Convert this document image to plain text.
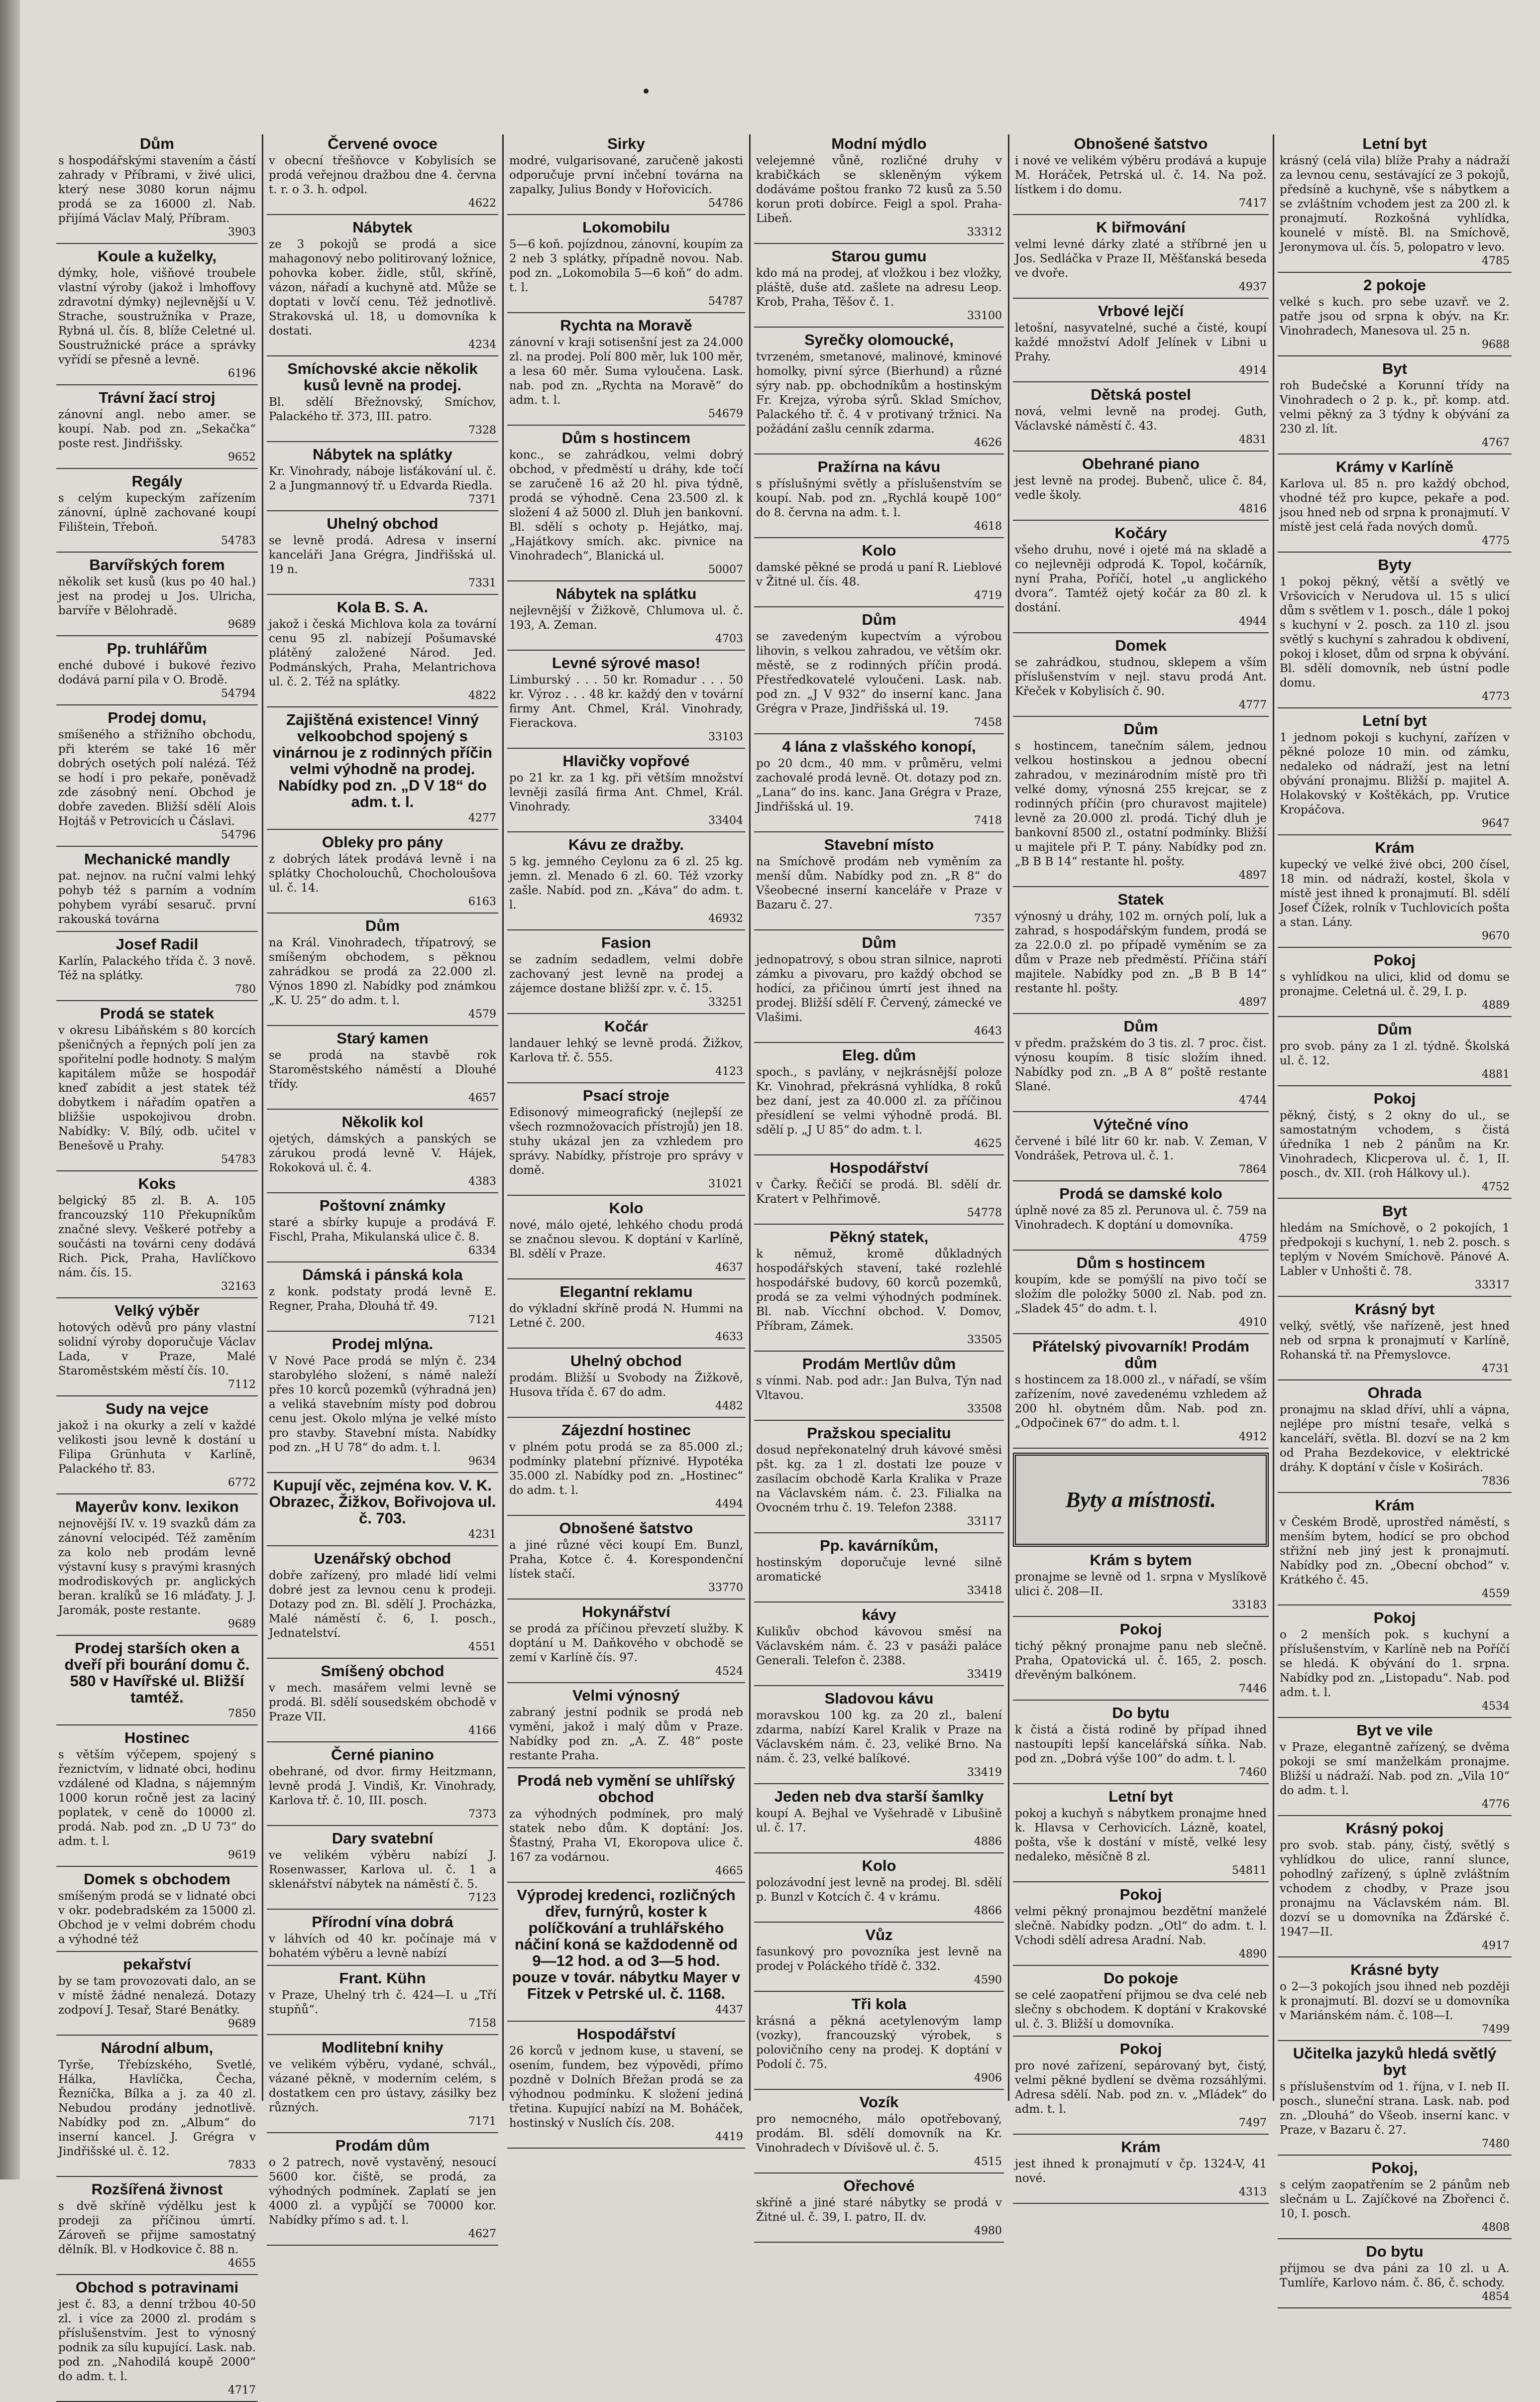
Dům

s hospodářskými stavením a částí zahrady v Příbrami, v živé ulici, který nese 3080 korun nájmu prodá se za 16000 zl. Nab. přijímá Václav Malý, Příbram.

3903
Koule a kuželky,

dýmky, hole, višňové troubele vlastní výroby (jakož i lmhoffovy zdravotní dýmky) nejlevnější u V. Strache, soustružníka v Praze, Rybná ul. čís. 8, blíže Celetné ul. Soustružnické práce a správky vyřídí se přesně a levně.

6196
Trávní žací stroj

zánovní angl. nebo amer. se koupí. Nab. pod zn. „Sekačka“ poste rest. Jindřišsky.

9652
Regály

s celým kupeckým zařízením zánovní, úplně zachované koupí Filištein, Třeboň.

54783
Barvířských forem

několik set kusů (kus po 40 hal.) jest na prodej u Jos. Ulricha, barvíře v Bělohradě.

9689
Pp. truhlářům

enché dubové i bukové řezivo dodává parní pila v O. Brodě.

54794
Prodej domu,

smíšeného a střižního obchodu, při kterém se také 16 měr dobrých osetých polí nalézá. Též se hodí i pro pekaře, poněvadž zde zásobný není. Obchod je dobře zaveden. Bližší sdělí Alois Hojtáš v Petrovicích u Čáslavi.

54796
Mechanické mandly

pat. nejnov. na ruční valmi lehký pohyb též s parním a vodním pohybem vyrábí sesaruč. první rakouská továrna

Josef Radil

Karlín, Palackého třída č. 3 nově. Též na splátky.

780
Prodá se statek

v okresu Libáňském s 80 korcích pšeničných a řepných polí jen za spořitelní podle hodnoty. S malým kapitálem může se hospodář kneď zabídit a jest statek též dobytkem i nářadím opatřen a bližšie uspokojivou drobn. Nabídky: V. Bílý, odb. učitel v Benešově u Prahy.

54783
Koks

belgický 85 zl. B. A. 105 francouzský 110 Překupníkům značné slevy. Veškeré potřeby a součásti na továrni ceny dodává Rich. Pick, Praha, Havlíčkovo nám. čís. 15.

32163
Velký výběr

hotových oděvů pro pány vlastní solidní výroby doporučuje Václav Lada, v Praze, Malé Staroměstském městí čís. 10.

7112
Sudy na vejce

jakož i na okurky a zelí v každé velikosti jsou levně k dostání u Filipa Grünhuta v Karlíně, Palackého tř. 83.

6772
Mayerův konv. lexikon

nejnovější IV. v. 19 svazků dám za zánovní velocipéd. Též zaměním za kolo neb prodám levně výstavní kusy s pravými krasných modrodiskových pr. anglických beran. kralíků se 16 mláďaty. J. J. Jaromák, poste restante.

9689
Prodej starších oken a dveří při bourání domu č. 580 v Havířské ul. Bližší tamtéž.
7850
Hostinec

s větším výčepem, spojený s řeznictvím, v lidnaté obci, hodinu vzdálené od Kladna, s nájemným 1000 korun ročně jest za laciný poplatek, v ceně do 10000 zl. prodá. Nab. pod zn. „D U 73“ do adm. t. l.

9619
Domek s obchodem

smíšeným prodá se v lidnaté obci v okr. podebradském za 15000 zl. Obchod je v velmi dobrém chodu a výhodné též

pekařství

by se tam provozovati dalo, an se v místě žádné nenalezá. Dotazy zodpoví J. Tesař, Staré Benátky.

9689
Národní album,

Tyrše, Třebízského, Svetlé, Hálka, Havlíčka, Čecha, Řezníčka, Bílka a j. za 40 zl. Nebudou prodány jednotlivě. Nabídky pod zn. „Album“ do inserní kancel. J. Grégra v Jindřišské ul. č. 12.

7833
Rozšířená živnost

s dvě skříně výdělku jest k prodeji za příčinou úmrtí. Zároveň se přijme samostatný dělník. Bl. v Hodkovice č. 88 n.

4655
Obchod s potravinami

jest č. 83, a denní tržbou 40-50 zl. i více za 2000 zl. prodám s příslušenstvím. Jest to výnosný podnik za sílu kupující. Lask. nab. pod zn. „Nahodilá koupě 2000“ do adm. t. l.

4717
Červené ovoce

v obecní třešňovce v Kobylisích se prodá veřejnou dražbou dne 4. června t. r. o 3. h. odpol.

4622
Nábytek

ze 3 pokojů se prodá a sice mahagonový nebo politirovaný ložnice, pohovka kober. židle, stůl, skříně, vázon, nářadí a kuchyně atd. Může se doptati v lovčí cenu. Též jednotlivě. Strakovská ul. 18, u domovníka k dostati.

4234
Smíchovské akcie několik kusů levně na prodej.

Bl. sdělí Břežnovský, Smíchov, Palackého tř. 373, III. patro.

7328
Nábytek na splátky

Kr. Vinohrady, náboje lisťákování ul. č. 2 a Jungmannový tř. u Edvarda Riedla.

7371
Uhelný obchod

se levně prodá. Adresa v inserní kanceláři Jana Grégra, Jindřišská ul. 19 n.

7331
Kola B. S. A.

jakož i česká Michlova kola za tovární cenu 95 zl. nabízejí Pošumavské plátěný založené Národ. Jed. Podmánských, Praha, Melantrichova ul. č. 2. Též na splátky.

4822
Zajištěná existence! Vinný velkoobchod spojený s vinárnou je z rodinných příčin velmi výhodně na prodej. Nabídky pod zn. „D V 18“ do adm. t. l.
4277
Obleky pro pány

z dobrých látek prodává levně i na splátky Chocholouchů, Chocholoušova ul. č. 14.

6163
Dům

na Král. Vinohradech, třípatrový, se smíšeným obchodem, s pěknou zahrádkou se prodá za 22.000 zl. Výnos 1890 zl. Nabídky pod známkou „K. U. 25“ do adm. t. l.

4579
Starý kamen

se prodá na stavbě rok Staroměstského náměstí a Dlouhé třídy.

4657
Několik kol

ojetých, dámských a panských se zárukou prodá levně V. Hájek, Rokoková ul. č. 4.

4383
Poštovní známky

staré a sbírky kupuje a prodává F. Fischl, Praha, Mikulanská ulice č. 8.

6334
Dámská i pánská kola

z konk. podstaty prodá levně E. Regner, Praha, Dlouhá tř. 49.

7121
Prodej mlýna.

V Nové Pace prodá se mlýn č. 234 starobylého složení, s námě naleží přes 10 korců pozemků (výhradná jen) a veliká stavebním místy pod dobrou cenu jest. Okolo mlýna je velké místo pro stavby. Stavební místa. Nabídky pod zn. „H U 78“ do adm. t. l.

9634
Kupují věc, zejména kov. V. K. Obrazec, Žižkov, Bořivojova ul. č. 703.
4231
Uzenářský obchod

dobře zařízený, pro mladé lidí velmi dobré jest za levnou cenu k prodeji. Dotazy pod zn. Bl. sdělí J. Procházka, Malé náměstí č. 6, I. posch., Jednatelství.

4551
Smíšený obchod

v mech. masářem velmi levně se prodá. Bl. sdělí sousedském obchodě v Praze VII.

4166
Černé pianino

obehrané, od dvor. firmy Heitzmann, levně prodá J. Vindiš, Kr. Vinohrady, Karlova tř. č. 10, III. posch.

7373
Dary svatební

ve velikém výběru nabízí J. Rosenwasser, Karlova ul. č. 1 a sklenářství nábytek na náměstí č. 5.

7123
Přírodní vína dobrá

v láhvích od 40 kr. počínaje má v bohatém výběru a levně nabízí

Frant. Kühn

v Praze, Uhelný trh č. 424—I. u „Tří stupňů“.

7158
Modlitební knihy

ve velikém výběru, vydané, schvál., vázané pěkně, v moderním celém, s dostatkem cen pro ústavy, zásilky bez různých.

7171
Prodám dům

o 2 patrech, nově vystavěný, nesoucí 5600 kor. čiště, se prodá, za výhodných podmínek. Zaplatí se jen 4000 zl. a vypůjčí se 70000 kor. Nabídky přímo s ad. t. l.

4627
Sirky

modré, vulgarisované, zaručeně jakosti odporučuje první inčební továrna na zapalky, Julius Bondy v Hořovicích.

54786
Lokomobilu

5—6 koň. pojízdnou, zánovní, koupím za 2 neb 3 splátky, případně novou. Nab. pod zn. „Lokomobila 5—6 koň“ do adm. t. l.

54787
Rychta na Moravě

zánovní v kraji sotisenšní jest za 24.000 zl. na prodej. Polí 800 měr, luk 100 měr, a lesa 60 měr. Suma vyloučena. Lask. nab. pod zn. „Rychta na Moravě“ do adm. t. l.

54679
Dům s hostincem

konc., se zahrádkou, velmi dobrý obchod, v předměstí u dráhy, kde točí se zaručeně 16 až 20 hl. piva týdně, prodá se výhodně. Cena 23.500 zl. k složení 4 až 5000 zl. Dluh jen bankovní. Bl. sdělí s ochoty p. Hejátko, maj. „Hajátkovy smích. akc. pivnice na Vinohradech“, Blanická ul.

50007
Nábytek na splátku

nejlevnější v Žižkově, Chlumova ul. č. 193, A. Zeman.

4703
Levné sýrové maso!

Limburský . . . 50 kr. Romadur . . . 50 kr. Výroz . . . 48 kr. každý den v tovární firmy Ant. Chmel, Král. Vinohrady, Fierackova.

33103
Hlavičky vopřové

po 21 kr. za 1 kg. při větším množství levněji zasílá firma Ant. Chmel, Král. Vinohrady.

33404
Kávu ze dražby.

5 kg. jemného Ceylonu za 6 zl. 25 kg. jemn. zl. Menado 6 zl. 60. Též vzorky zašle. Nabíd. pod zn. „Káva“ do adm. t. l.

46932
Fasion

se zadním sedadlem, velmi dobře zachovaný jest levně na prodej a zájemce dostane bližší zpr. v. č. 15.

33251
Kočár

landauer lehký se levně prodá. Žižkov, Karlova tř. č. 555.

4123
Psací stroje

Edisonový mimeografický (nejlepší ze všech rozmnožovacích přístrojů) jen 18. stuhy ukázal jen za vzhledem pro správy. Nabídky, přístroje pro správy v domě.

31021
Kolo

nové, málo ojeté, lehkého chodu prodá se značnou slevou. K doptání v Karlíně, Bl. sdělí v Praze.

4637
Elegantní reklamu

do výkladní skříně prodá N. Hummi na Letné č. 200.

4633
Uhelný obchod

prodám. Bližší u Svobody na Žižkově, Husova třída č. 67 do adm.

4482
Zájezdní hostinec

v plném potu prodá se za 85.000 zl.; podmínky platební příznivé. Hypotéka 35.000 zl. Nabídky pod zn. „Hostinec“ do adm. t. l.

4494
Obnošené šatstvo

a jiné různé věci koupí Em. Bunzl, Praha, Kotce č. 4. Korespondenční lístek stačí.

33770
Hokynářství

se prodá za příčinou převzetí služby. K doptání u M. Daňkového v obchodě se zemí v Karlíně čís. 97.

4524
Velmi výnosný

zabraný jestní podnik se prodá neb vymění, jakož i malý dům v Praze. Nabídky pod zn. „A. Z. 48“ poste restante Praha.

Prodá neb vymění se uhlířský obchod

za výhodných podmínek, pro malý statek nebo dům. K doptání: Jos. Šťastný, Praha VI, Ekoropova ulice č. 167 za vodárnou.

4665
Výprodej kredenci, rozličných dřev, furnýrů, koster k políčkování a truhlářského náčiní koná se každodenně od 9—12 hod. a od 3—5 hod. pouze v továr. nábytku Mayer v Fitzek v Petrské ul. č. 1168.
4437
Hospodářství

26 korců v jednom kuse, u stavení, se osením, fundem, bez výpovědi, přímo pozdně v Dolních Břežan prodá se za výhodnou podmínku. K složení jediná třetina. Kupující nabízí na M. Boháček, hostinský v Nuslích čís. 208.

4419
Modní mýdlo

velejemné vůně, rozličné druhy v krabičkách se skleněným výkem dodáváme poštou franko 72 kusů za 5.50 korun proti dobírce. Feigl a spol. Praha-Libeň.

33312
Starou gumu

kdo má na prodej, ať vložkou i bez vložky, pláště, duše atd. zašlete na adresu Leop. Krob, Praha, Těšov č. 1.

33100
Syrečky olomoucké,

tvrzeném, smetanové, malinové, kminové homolky, pivní sýrce (Bierhund) a různé sýry nab. pp. obchodníkům a hostinským Fr. Krejza, výroba sýrů. Sklad Smíchov, Palackého tř. č. 4 v protivaný tržnici. Na požádání zašlu cenník zdarma.

4626
Pražírna na kávu

s příslušnými světly a příslušenstvím se koupí. Nab. pod zn. „Rychlá koupě 100“ do 8. června na adm. t. l.

4618
Kolo

damské pěkné se prodá u paní R. Lieblové v Žitné ul. čís. 48.

4719
Dům

se zavedeným kupectvím a výrobou lihovin, s velkou zahradou, ve větším okr. městě, se z rodinných příčin prodá. Přestředkovatelé vyloučeni. Lask. nab. pod zn. „J V 932“ do inserní kanc. Jana Grégra v Praze, Jindřišská ul. 19.

7458
4 lána z vlašského konopí,

po 20 dcm., 40 mm. v průměru, velmi zachovalé prodá levně. Ot. dotazy pod zn. „Lana“ do ins. kanc. Jana Grégra v Praze, Jindřišská ul. 19.

7418
Stavební místo

na Smíchově prodám neb vyměním za menší dům. Nabídky pod zn. „R 8“ do Všeobecné inserní kanceláře v Praze v Bazaru č. 27.

7357
Dům

jednopatrový, s obou stran silnice, naproti zámku a pivovaru, pro každý obchod se hodící, za přičinou úmrtí jest ihned na prodej. Bližší sdělí F. Červený, zámecké ve Vlašimi.

4643
Eleg. dům

spoch., s pavlány, v nejkrásnější poloze Kr. Vinohrad, překrásná vyhlídka, 8 roků bez daní, jest za 40.000 zl. za příčinou přesídlení se velmi výhodně prodá. Bl. sdělí p. „J U 85“ do adm. t. l.

4625
Hospodářství

v Čarky. Řečičí se prodá. Bl. sdělí dr. Kratert v Pelhřimově.

54778
Pěkný statek,

k němuž, kromě důkladných hospodářských stavení, také rozlehlé hospodářské budovy, 60 korců pozemků, prodá se za velmi výhodných podmínek. Bl. nab. Vícchní obchod. V. Domov, Příbram, Zámek.

33505
Prodám Mertlův dům

s vínmi. Nab. pod adr.: Jan Bulva, Týn nad Vltavou.

33508
Pražskou specialitu

dosud nepřekonatelný druh kávové směsi pšt. kg. za 1 zl. dostati lze pouze v zasílacím obchodě Karla Kralika v Praze na Václavském nám. č. 23. Filialka na Ovocném trhu č. 19. Telefon 2388.

33117
Pp. kavárníkům,

hostinským doporučuje levné silně aromatické

33418
kávy

Kulikův obchod kávovou směsí na Václavském nám. č. 23 v pasáži paláce Generali. Telefon č. 2388.

33419
Sladovou kávu

moravskou 100 kg. za 20 zl., balení zdarma, nabízí Karel Kralik v Praze na Václavském nám. č. 23, veliké Brno. Na nám. č. 23, velké balíkové.

33419
Jeden neb dva starší šamlky

koupí A. Bejhal ve Vyšehradě v Libušině ul. č. 17.

4886
Kolo

polozávodní jest levně na prodej. Bl. sdělí p. Bunzl v Kotcích č. 4 v krámu.

4866
Vůz

fasunkový pro povozníka jest levně na prodej v Poláckého třídě č. 332.

4590
Tři kola

krásná a pěkná acetylenovým lamp (vozky), francouzský výrobek, s polovičního ceny na prodej. K doptání v Podolí č. 75.

4906
Vozík

pro nemocného, málo opotřebovaný, prodám. Bl. sdělí domovník na Kr. Vinohradech v Dívišově ul. č. 5.

4515
Ořechové

skříně a jiné staré nábytky se prodá v Žitné ul. č. 39, I. patro, II. dv.

4980
Obnošené šatstvo

i nové ve velikém výběru prodává a kupuje M. Horáček, Petrská ul. č. 14. Na pož. lístkem i do domu.

7417
K biřmování

velmi levné dárky zlaté a stříbrné jen u Jos. Sedláčka v Praze II, Měšťanská beseda ve dvoře.

4937
Vrbové lejčí

letošní, nasyvatelné, suché a čisté, koupí každé množství Adolf Jelínek v Libni u Prahy.

4914
Dětská postel

nová, velmi levně na prodej. Guth, Václavské náměstí č. 43.

4831
Obehrané piano

jest levně na prodej. Bubenč, ulice č. 84, vedle školy.

4816
Kočáry

všeho druhu, nové i ojeté má na skladě a co nejlevněji odprodá K. Topol, kočárník, nyní Praha, Poříčí, hotel „u anglického dvora“. Tamtéž ojetý kočár za 80 zl. k dostání.

4944
Domek

se zahrádkou, studnou, sklepem a vším příslušenstvím v nejl. stavu prodá Ant. Křeček v Kobylisích č. 90.

4777
Dům

s hostincem, tanečním sálem, jednou velkou hostinskou a jednou obecní zahradou, v mezinárodním místě pro tři velké domy, výnosná 255 krejcar, se z rodinných příčin (pro churavost majitele) levně za 20.000 zl. prodá. Tichý dluh je bankovní 8500 zl., ostatní podmínky. Bližší u majitele při P. T. pány. Nabídky pod zn. „B B B 14“ restante hl. pošty.

4897
Statek

výnosný u dráhy, 102 m. orných polí, luk a zahrad, s hospodářským fundem, prodá se za 22.0.0 zl. po případě vyměním se za dům v Praze neb předměstí. Příčina stáří majitele. Nabídky pod zn. „B B B 14“ restante hl. pošty.

4897
Dům

v předm. pražském do 3 tis. zl. 7 proc. čist. výnosu koupím. 8 tisíc složím ihned. Nabídky pod zn. „B A 8“ poště restante Slané.

4744
Výtečné víno

červené i bílé litr 60 kr. nab. V. Zeman, V Vondrášek, Petrova ul. č. 1.

7864
Prodá se damské kolo

úplně nové za 85 zl. Perunova ul. č. 759 na Vinohradech. K doptání u domovníka.

4759
Dům s hostincem

koupím, kde se pomýšlí na pivo točí se složím dle položky 5000 zl. Nab. pod zn. „Sladek 45“ do adm. t. l.

4910
Přátelský pivovarník! Prodám dům

s hostincem za 18.000 zl., v nářadí, se vším zařízením, nové zavedenému vzhledem až 200 hl. obytném dům. Nab. pod zn. „Odpočinek 67“ do adm. t. l.

4912
Byty a místnosti.
Krám s bytem

pronajme se levně od 1. srpna v Myslíkově ulici č. 208—II.

33183
Pokoj

tichý pěkný pronajme panu neb slečně. Praha, Opatovická ul. č. 165, 2. posch. dřevěným balkónem.

7446
Do bytu

k čistá a čistá rodině by případ ihned nastoupíti lepší kancelářská síňka. Nab. pod zn. „Dobrá výše 100“ do adm. t. l.

7460
Letní byt

pokoj a kuchyň s nábytkem pronajme hned k. Hlavsa v Cerhovicích. Lázně, koatel, pošta, vše k dostání v místě, velké lesy nedaleko, měsíčně 8 zl.

54811
Pokoj

velmi pěkný pronajmou bezdětní manželé slečně. Nabídky podzn. „Otl“ do adm. t. l. Vchodi sdělí adresa Aradní. Nab.

4890
Do pokoje

se celé zaopatření přijmou se dva celé neb slečny s obchodem. K doptání v Krakovské ul. č. 3. Bližší u domovníka.

Pokoj

pro nové zařízení, sepárovaný byt, čistý, velmi pěkné bydlení se dvěma rozsáhlými. Adresa sdělí. Nab. pod zn. v. „Mládek“ do adm. t. l.

7497
Krám

jest ihned k pronajmutí v čp. 1324-V, 41 nové.

4313
Letní byt

krásný (celá vila) blíže Prahy a nádraží za levnou cenu, sestávající ze 3 pokojů, předsíně a kuchyně, vše s nábytkem a se zvláštním vchodem jest za 200 zl. k pronajmutí. Rozkošná vyhlídka, kounelé v místě. Bl. na Smíchově, Jeronymova ul. čís. 5, polopatro v levo.

4785
2 pokoje

velké s kuch. pro sebe uzavř. ve 2. patře jsou od srpna k obýv. na Kr. Vinohradech, Manesova ul. 25 n.

9688
Byt

roh Budečské a Korunní třídy na Vinohradech o 2 p. k., př. komp. atd. velmi pěkný za 3 týdny k obývání za 230 zl. lít.

4767
Krámy v Karlíně

Karlova ul. 85 n. pro každý obchod, vhodné též pro kupce, pekaře a pod. jsou hned neb od srpna k pronajmutí. V místě jest celá řada nových domů.

4775
Byty

1 pokoj pěkný, větší a světlý ve Vršovicích v Nerudova ul. 15 s ulicí dům s světlem v 1. posch., dále 1 pokoj s kuchyní v 2. posch. za 110 zl. jsou světlý s kuchyní s zahradou k obdivení, pokoj i kloset, dům od srpna k obývání. Bl. sdělí domovník, neb ústní podle domu.

4773
Letní byt

1 jednom pokoji s kuchyní, zařízen v pěkné poloze 10 min. od zámku, nedaleko od nádraží, jest na letní obývání pronajmu. Bližší p. majitel A. Holakovský v Koštěkách, pp. Vrutice Kropáčova.

9647
Krám

kupecký ve velké živé obci, 200 čísel, 18 min. od nádraží, kostel, škola v místě jest ihned k pronajmutí. Bl. sdělí Josef Čížek, rolník v Tuchlovicích pošta a stan. Lány.

9670
Pokoj

s vyhlídkou na ulici, klid od domu se pronajme. Celetná ul. č. 29, I. p.

4889
Dům

pro svob. pány za 1 zl. týdně. Školská ul. č. 12.

4881
Pokoj

pěkný, čistý, s 2 okny do ul., se samostatným vchodem, s čistá úředníka 1 neb 2 pánům na Kr. Vinohradech, Klicperova ul. č. 1, II. posch., dv. XII. (roh Hálkovy ul.).

4752
Byt

hledám na Smíchově, o 2 pokojích, 1 předpokoji s kuchyní, 1. neb 2. posch. s teplým v Novém Smíchově. Pánové A. Labler v Unhošti č. 78.

33317
Krásný byt

velký, světlý, vše nařízeně, jest hned neb od srpna k pronajmutí v Karlíně, Rohanská tř. na Přemyslovce.

4731
Ohrada

pronajmu na sklad dříví, uhlí a vápna, nejlépe pro místní tesaře, velká s kanceláří, světla. Bl. dozví se na 2 km od Praha Bezdekovice, v elektrické dráhy. K doptání v čísle v Koširách.

7836
Krám

v Českém Brodě, uprostřed náměstí, s menším bytem, hodící se pro obchod střižní neb jiný jest k pronajmutí. Nabídky pod zn. „Obecní obchod“ v. Krátkého č. 45.

4559
Pokoj

o 2 menších pok. s kuchyní a příslušenstvím, v Karlíně neb na Poříčí se hledá. K obývání do 1. srpna. Nabídky pod zn. „Listopadu“. Nab. pod adm. t. l.

4534
Byt ve vile

v Praze, elegantně zařízený, se dvěma pokoji se smí manželkám pronajme. Bližší u nádraží. Nab. pod zn. „Vila 10“ do adm. t. l.

4776
Krásný pokoj

pro svob. stab. pány, čistý, světlý s vyhlídkou do ulice, ranní slunce, pohodlný zařízený, s úplně zvláštním vchodem z chodby, v Praze jsou pronajmu na Václavském nám. Bl. dozví se u domovníka na Žďárské č. 1947—II.

4917
Krásné byty

o 2—3 pokojích jsou ihned neb později k pronajmutí. Bl. dozví se u domovníka v Mariánském nám. č. 108—I.

7499
Učitelka jazyků hledá světlý byt

s příslušenstvím od 1. října, v I. neb II. posch., sluneční strana. Lask. nab. pod zn. „Dlouhá“ do Všeob. inserní kanc. v Praze, v Bazaru č. 27.

7480
Pokoj,

s celým zaopatřením se 2 pánům neb slečnám u L. Zajíčkové na Zbořenci č. 10, I. posch.

4808
Do bytu

přijmou se dva páni za 10 zl. u A. Tumlíře, Karlovo nám. č. 86, č. schody.

4854
